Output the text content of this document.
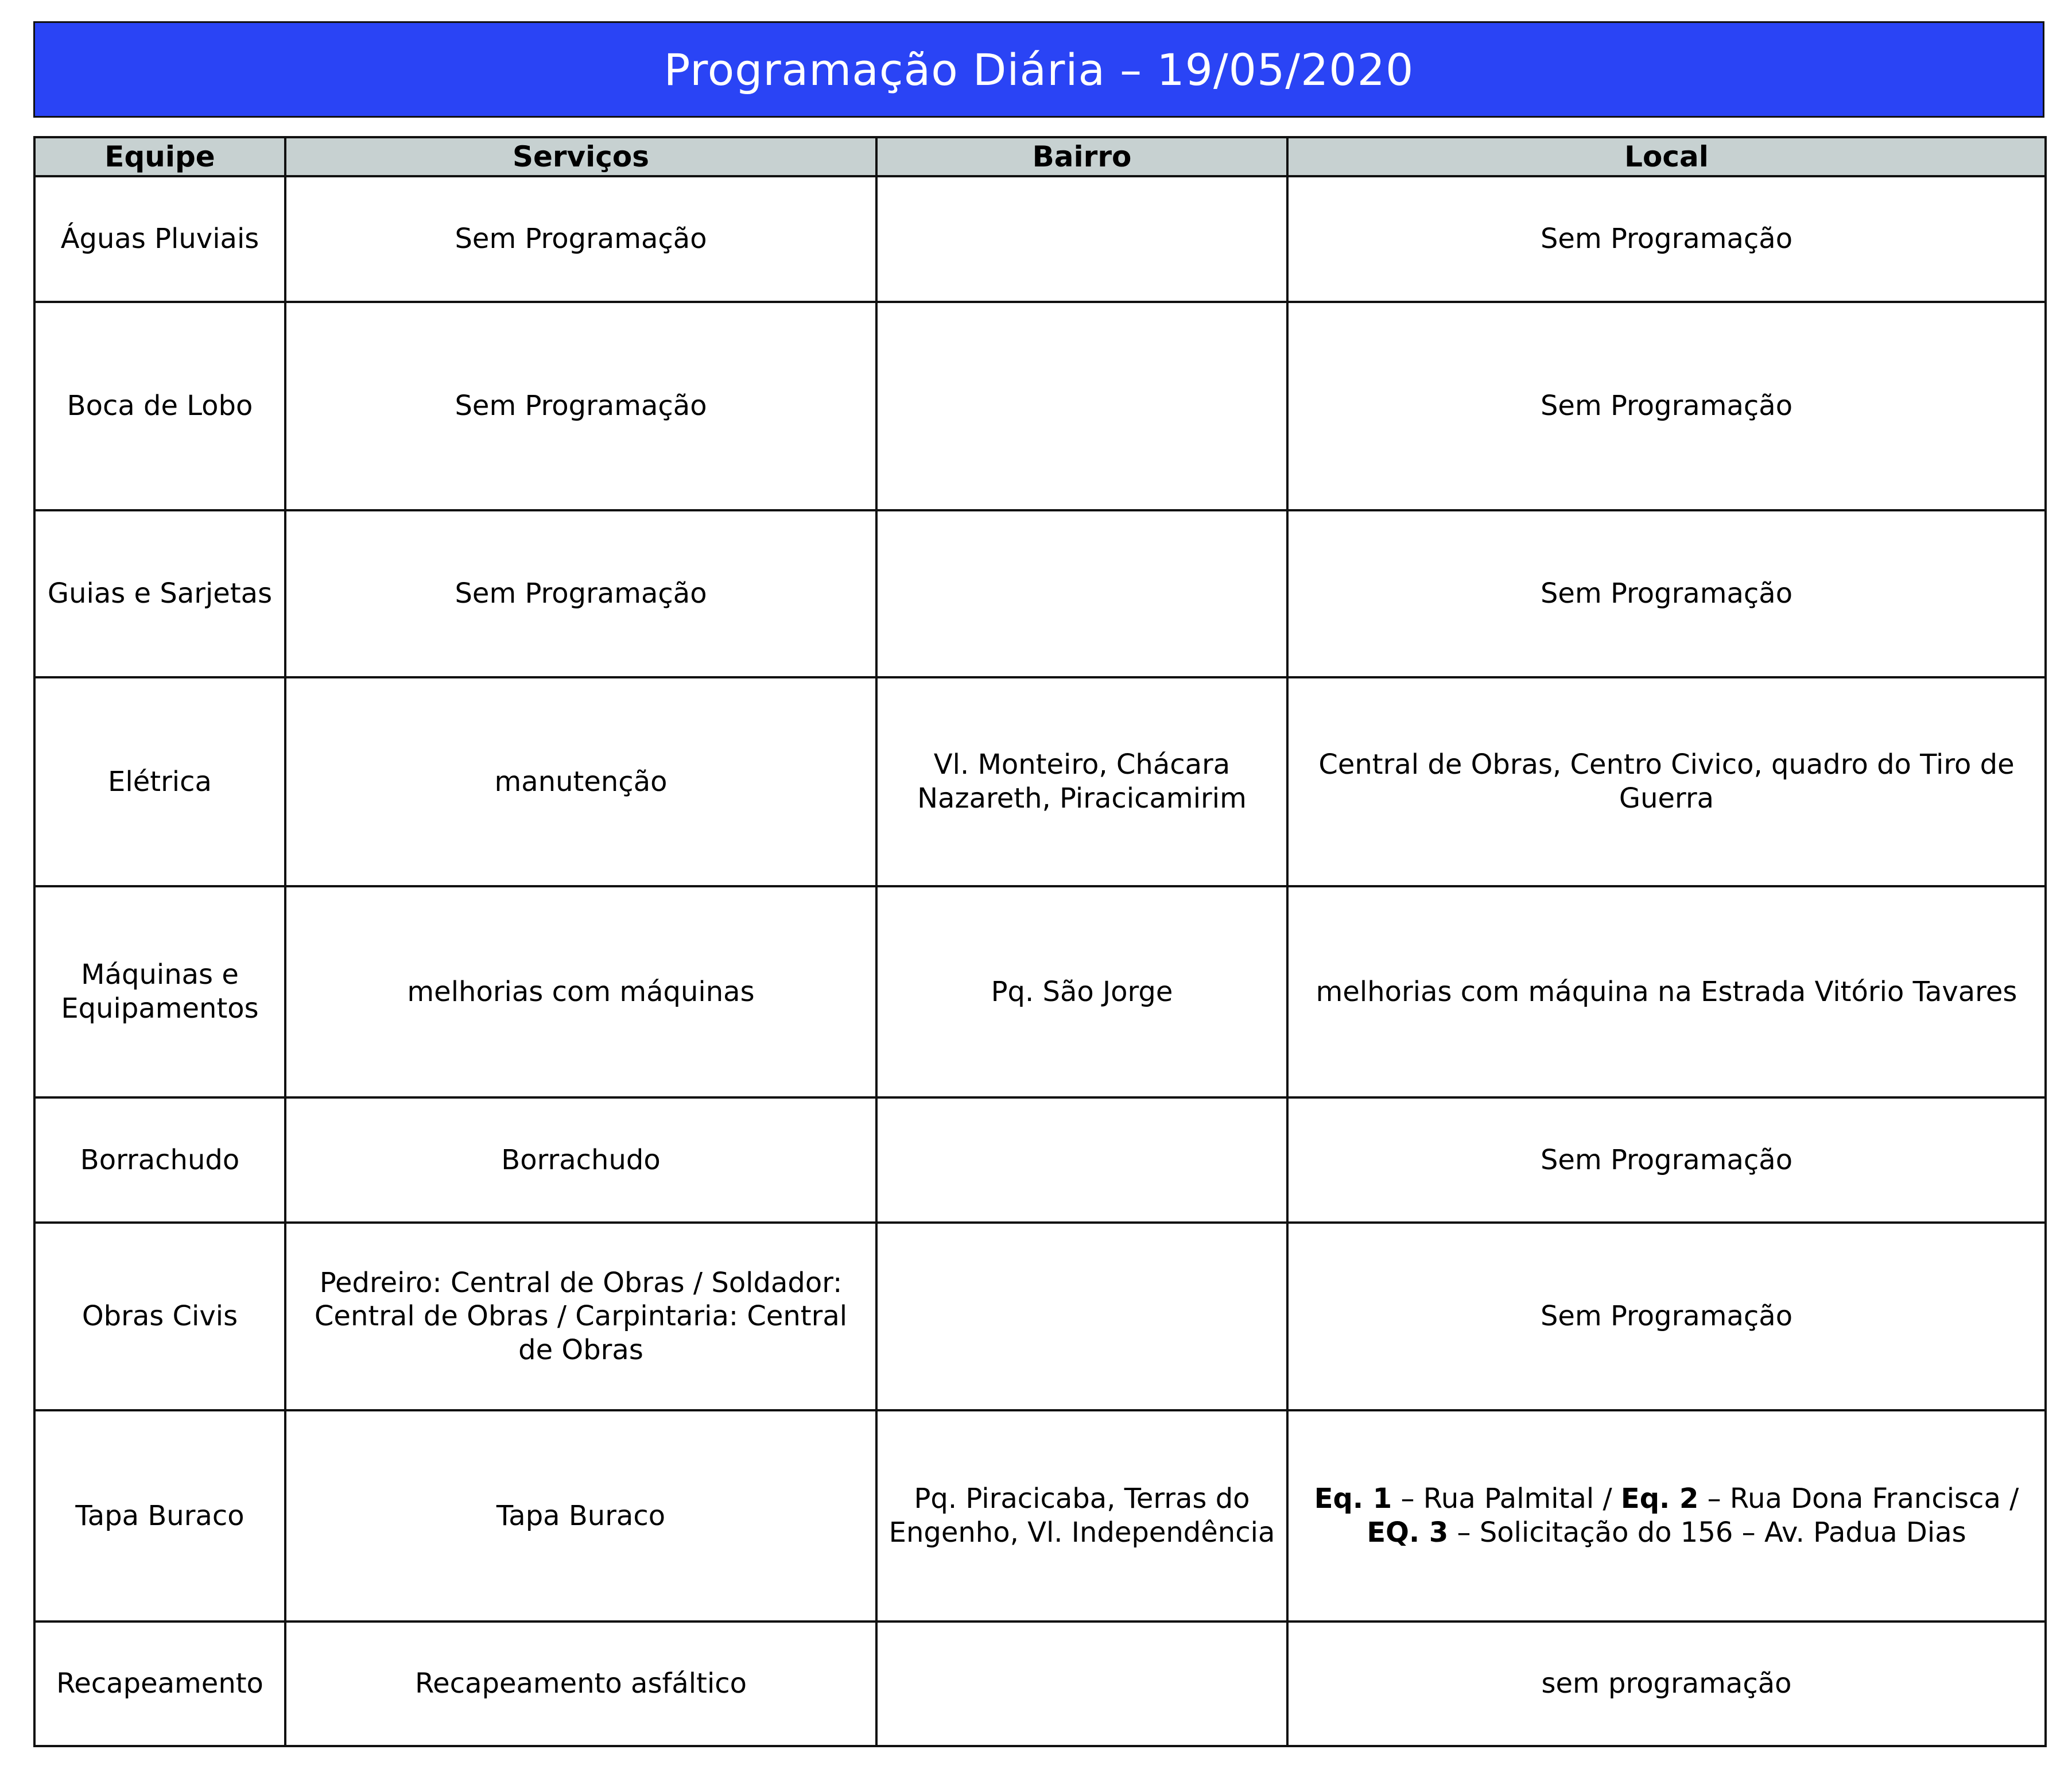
Programação Diária – 19/05/2020
Equipe	Serviços	Bairro	Local
Águas Pluviais	Sem Programação		Sem Programação
Boca de Lobo	Sem Programação		Sem Programação
Guias e Sarjetas	Sem Programação		Sem Programação
Elétrica	manutenção	Vl. Monteiro, Chácara Nazareth, Piracicamirim	Central de Obras, Centro Civico, quadro do Tiro de Guerra
Máquinas e Equipamentos	melhorias com máquinas	Pq. São Jorge	melhorias com máquina na Estrada Vitório Tavares
Borrachudo	Borrachudo		Sem Programação
Obras Civis	Pedreiro: Central de Obras / Soldador: Central de Obras / Carpintaria: Central de Obras		Sem Programação
Tapa Buraco	Tapa Buraco	Pq. Piracicaba, Terras do Engenho, Vl. Independência	Eq. 1 – Rua Palmital / Eq. 2 – Rua Dona Francisca / EQ. 3 – Solicitação do 156 – Av. Padua Dias
Recapeamento	Recapeamento asfáltico		sem programação
